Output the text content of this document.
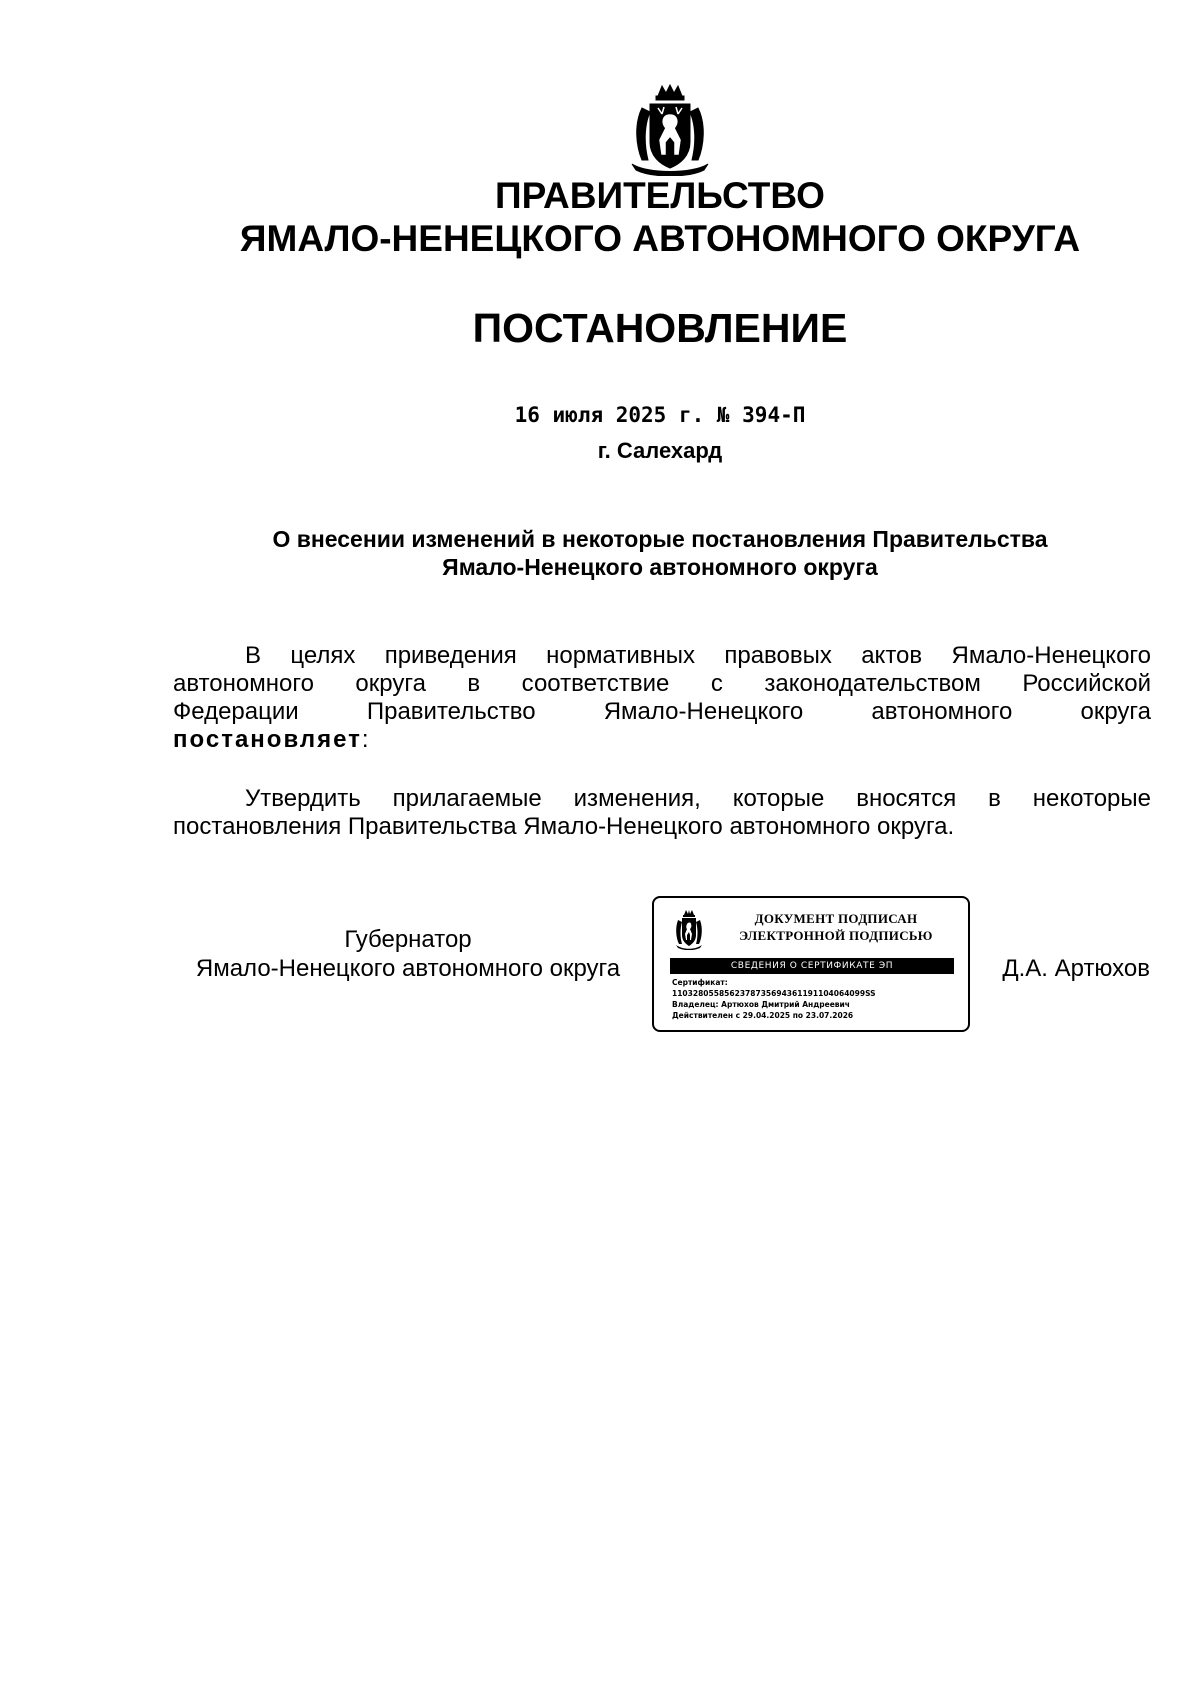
ПРАВИТЕЛЬСТВО
ЯМАЛО-НЕНЕЦКОГО АВТОНОМНОГО ОКРУГА
ПОСТАНОВЛЕНИЕ
16 июля 2025 г. № 394-П
г. Салехард
О внесении изменений в некоторые постановления Правительства
Ямало-Ненецкого автономного округа
В целях приведения нормативных правовых актов Ямало-Ненецкого
автономного округа в соответствие с законодательством Российской
Федерации Правительство Ямало-Ненецкого автономного округа
постановляет:
Утвердить прилагаемые изменения, которые вносятся в некоторые
постановления Правительства Ямало-Ненецкого автономного округа.
Губернатор
Ямало-Ненецкого автономного округа
ДОКУМЕНТ ПОДПИСАН
ЭЛЕКТРОННОЙ ПОДПИСЬЮ
СВЕДЕНИЯ О СЕРТИФИКАТЕ ЭП
Сертификат:
1103280558562378735694361191104064099SS
Владелец: Артюхов Дмитрий Андреевич
Действителен с 29.04.2025 по 23.07.2026
Д.А. Артюхов
